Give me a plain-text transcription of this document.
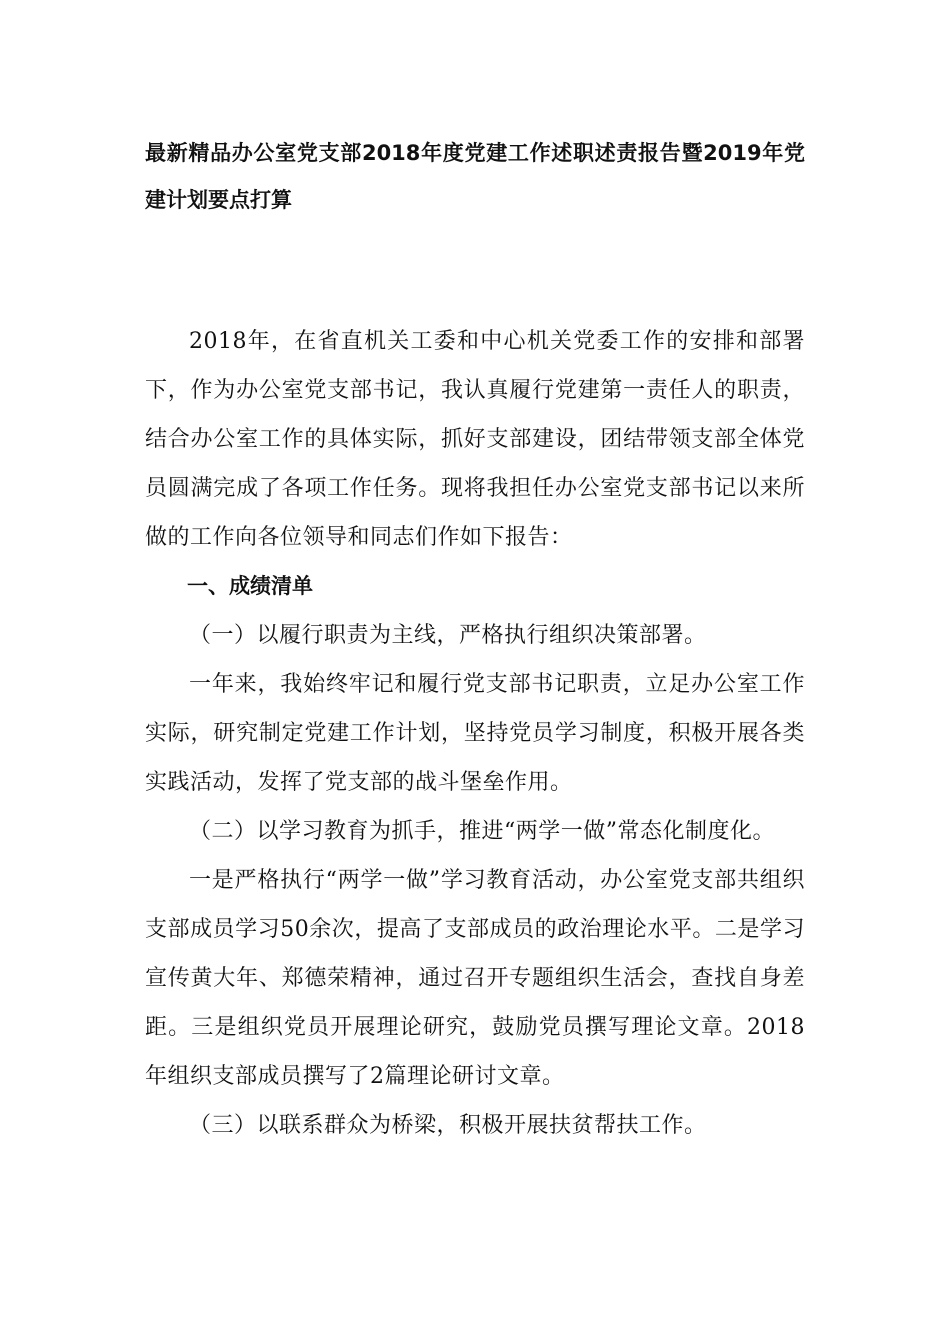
最新精品办公室党支部2018年度党建工作述职述责报告暨2019年党建计划要点打算

2018年，在省直机关工委和中心机关党委工作的安排和部署下，作为办公室党支部书记，我认真履行党建第一责任人的职责，结合办公室工作的具体实际，抓好支部建设，团结带领支部全体党员圆满完成了各项工作任务。现将我担任办公室党支部书记以来所做的工作向各位领导和同志们作如下报告：

一、成绩清单

（一）以履行职责为主线，严格执行组织决策部署。

一年来，我始终牢记和履行党支部书记职责，立足办公室工作实际，研究制定党建工作计划，坚持党员学习制度，积极开展各类实践活动，发挥了党支部的战斗堡垒作用。

（二）以学习教育为抓手，推进“两学一做”常态化制度化。

一是严格执行“两学一做”学习教育活动，办公室党支部共组织支部成员学习50余次，提高了支部成员的政治理论水平。二是学习宣传黄大年、郑德荣精神，通过召开专题组织生活会，查找自身差距。三是组织党员开展理论研究，鼓励党员撰写理论文章。2018年组织支部成员撰写了2篇理论研讨文章。

（三）以联系群众为桥梁，积极开展扶贫帮扶工作。
